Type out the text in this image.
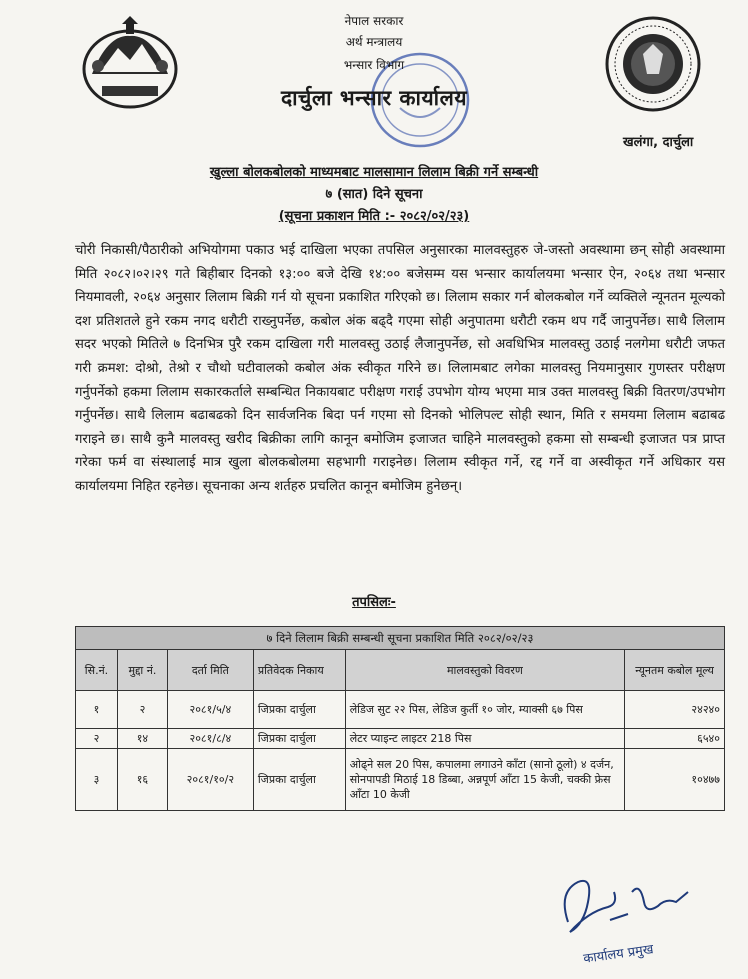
नेपाल सरकार
अर्थ मन्त्रालय
भन्सार विभाग
दार्चुला भन्सार कार्यालय
खलंगा, दार्चुला
खुल्ला बोलकबोलको माध्यमबाट मालसामान लिलाम बिक्री गर्ने सम्बन्धी
७ (सात) दिने सूचना
(सूचना प्रकाशन मिति :- २०८२/०२/२३)
चोरी निकासी/पैठारीको अभियोगमा पकाउ भई दाखिला भएका तपसिल अनुसारका मालवस्तुहरु जे-जस्तो अवस्थामा छन् सोही अवस्थामा मिति २०८२।०२।२९ गते बिहीबार दिनको १३:०० बजे देखि १४:०० बजेसम्म यस भन्सार कार्यालयमा भन्सार ऐन, २०६४ तथा भन्सार नियमावली, २०६४ अनुसार लिलाम बिक्री गर्न यो सूचना प्रकाशित गरिएको छ। लिलाम सकार गर्न बोलकबोल गर्ने व्यक्तिले न्यूनतन मूल्यको दश प्रतिशतले हुने रकम नगद धरौटी राख्नुपर्नेछ, कबोल अंक बढ्दै गएमा सोही अनुपातमा धरौटी रकम थप गर्दै जानुपर्नेछ। साथै लिलाम सदर भएको मितिले ७ दिनभित्र पुरै रकम दाखिला गरी मालवस्तु उठाई लैजानुपर्नेछ, सो अवधिभित्र मालवस्तु उठाई नलगेमा धरौटी जफत गरी क्रमश: दोश्रो, तेश्रो र चौथो घटीवालको कबोल अंक स्वीकृत गरिने छ। लिलामबाट लगेका मालवस्तु नियमानुसार गुणस्तर परीक्षण गर्नुपर्नेको हकमा लिलाम सकारकर्ताले सम्बन्धित निकायबाट परीक्षण गराई उपभोग योग्य भएमा मात्र उक्त मालवस्तु बिक्री वितरण/उपभोग गर्नुपर्नेछ। साथै लिलाम बढाबढको दिन सार्वजनिक बिदा पर्न गएमा सो दिनको भोलिपल्ट सोही स्थान, मिति र समयमा लिलाम बढाबढ गराइने छ। साथै कुनै मालवस्तु खरीद बिक्रीका लागि कानून बमोजिम इजाजत चाहिने मालवस्तुको हकमा सो सम्बन्धी इजाजत पत्र प्राप्त गरेका फर्म वा संस्थालाई मात्र खुला बोलकबोलमा सहभागी गराइनेछ। लिलाम स्वीकृत गर्ने, रद्द गर्ने वा अस्वीकृत गर्ने अधिकार यस कार्यालयमा निहित रहनेछ। सूचनाका अन्य शर्तहरु प्रचलित कानून बमोजिम हुनेछन्।
तपसिलः-
७ दिने लिलाम बिक्री सम्बन्धी सूचना प्रकाशित मिति २०८२/०२/२३					
सि.नं.	मुद्दा नं.	दर्ता मिति	प्रतिवेदक निकाय	मालवस्तुको विवरण	न्यूनतम कबोल मूल्य
१	२	२०८१/५/४	जिप्रका दार्चुला	लेडिज सुट २२ पिस, लेडिज कुर्ती १० जोर, म्याक्सी ६७ पिस	२४२४०
२	१४	२०८१/८/४	जिप्रका दार्चुला	लेटर प्याइन्ट लाइटर 218 पिस	६५४०
३	१६	२०८१/१०/२	जिप्रका दार्चुला	ओढ्ने सल 20 पिस, कपालमा लगाउने काँटा (सानो ठूलो) ४ दर्जन, सोनपापडी मिठाई 18 डिब्बा, अन्नपूर्ण आँटा 15 केजी, चक्की फ्रेस आँटा 10 केजी	१०४७७
कार्यालय प्रमुख
